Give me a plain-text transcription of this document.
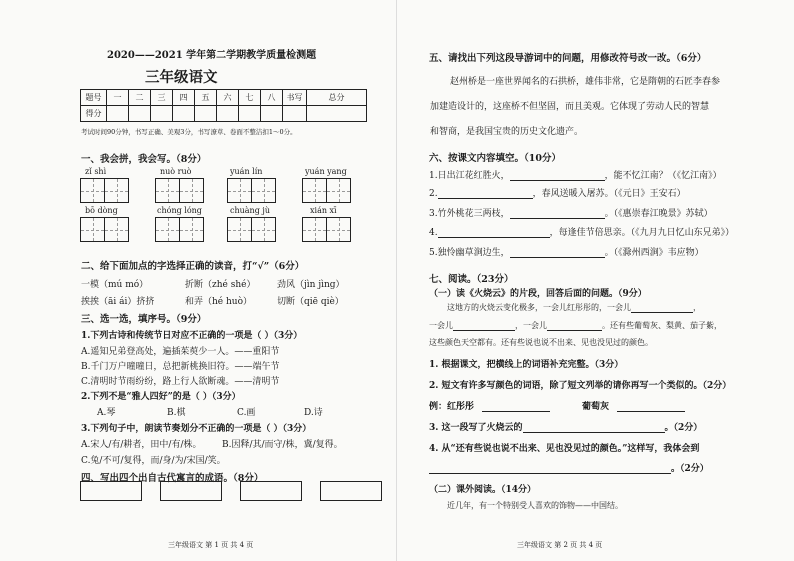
2020——2021 学年第二学期教学质量检测题
三年级语文
题号	一	二	三	四	五	六	七	八	书写	总分
得分										
考试时间90分钟，书写正确、美观3分，书写潦草、卷面不整洁扣1～0分。
一、我会拼，我会写。（8分）
zǐ shì	nuò ruò	yuán lín	yuán yang
bō dòng	chóng lóng	chuàng jù	xián xī
二、给下面加点的字选择正确的读音，打“√”（6分）
一模（mú mó）	折断（zhé shé） 劲风（jìn jìng）
挨挨（āi ái）挤挤	和弄（hé huò）	切断（qiē qiè）
三、选一选，填序号。（9分）
1.下列古诗和传统节日对应不正确的一项是（ ）（3分）
A.遥知兄弟登高处，遍插茱萸少一人。——重阳节
B.千门万户曈曈日，总把新桃换旧符。——端午节
C.清明时节雨纷纷，路上行人欲断魂。——清明节
2.下列不是“雅人四好”的是（ ）（3分）
A.琴	B.棋	C.画	D.诗
3.下列句子中，朗读节奏划分不正确的一项是（ ）（3分）
A.宋人/有/耕者，田中/有/株。 B.因释/其/而守/株，冀/复得。
C.兔/不可/复得，而/身/为/宋国/笑。
四、写出四个出自古代寓言的成语。（8分）
三年级语文 第 1 页 共 4 页
五、请找出下列这段导游词中的问题，用修改符号改一改。（6分）
赵州桥是一座世界闻名的石拱桥，雄伟非常，它是隋朝的石匠李春参
加建造设计的，这座桥不但坚固，而且美观。它体现了劳动人民的智慧
和智商，是我国宝贵的历史文化遗产。
六、按课文内容填空。（10分）
1.日出江花红胜火，	，能不忆江南？（《忆江南》）
2.	，春风送暖入屠苏。（《元日》王安石）
3.竹外桃花三两枝，	。（《惠崇春江晚景》苏轼）
4.	，每逢佳节倍思亲。（《九月九日忆山东兄弟》）
5.独怜幽草涧边生，	。（《滁州西涧》韦应物）
七、阅读。（23分）
（一）读《火烧云》的片段，回答后面的问题。（9分）
这地方的火烧云变化极多，一会儿红彤彤的，一会儿	，
一会儿	，一会儿	。还有些葡萄灰、梨黄、茄子紫，
这些颜色天空都有。还有些说也说不出来、见也没见过的颜色。
1. 根据课文，把横线上的词语补充完整。（3分）
2. 短文有许多写颜色的词语，除了短文列举的请你再写一个类似的。（2分）
例：红彤彤	葡萄灰
3. 这一段写了火烧云的	。（2分）
4. 从“还有些说也说不出来、见也没见过的颜色。”这样写，我体会到
。（2分）
（二）课外阅读。（14分）
近几年，有一个特别受人喜欢的饰物——中国结。
三年级语文 第 2 页 共 4 页
